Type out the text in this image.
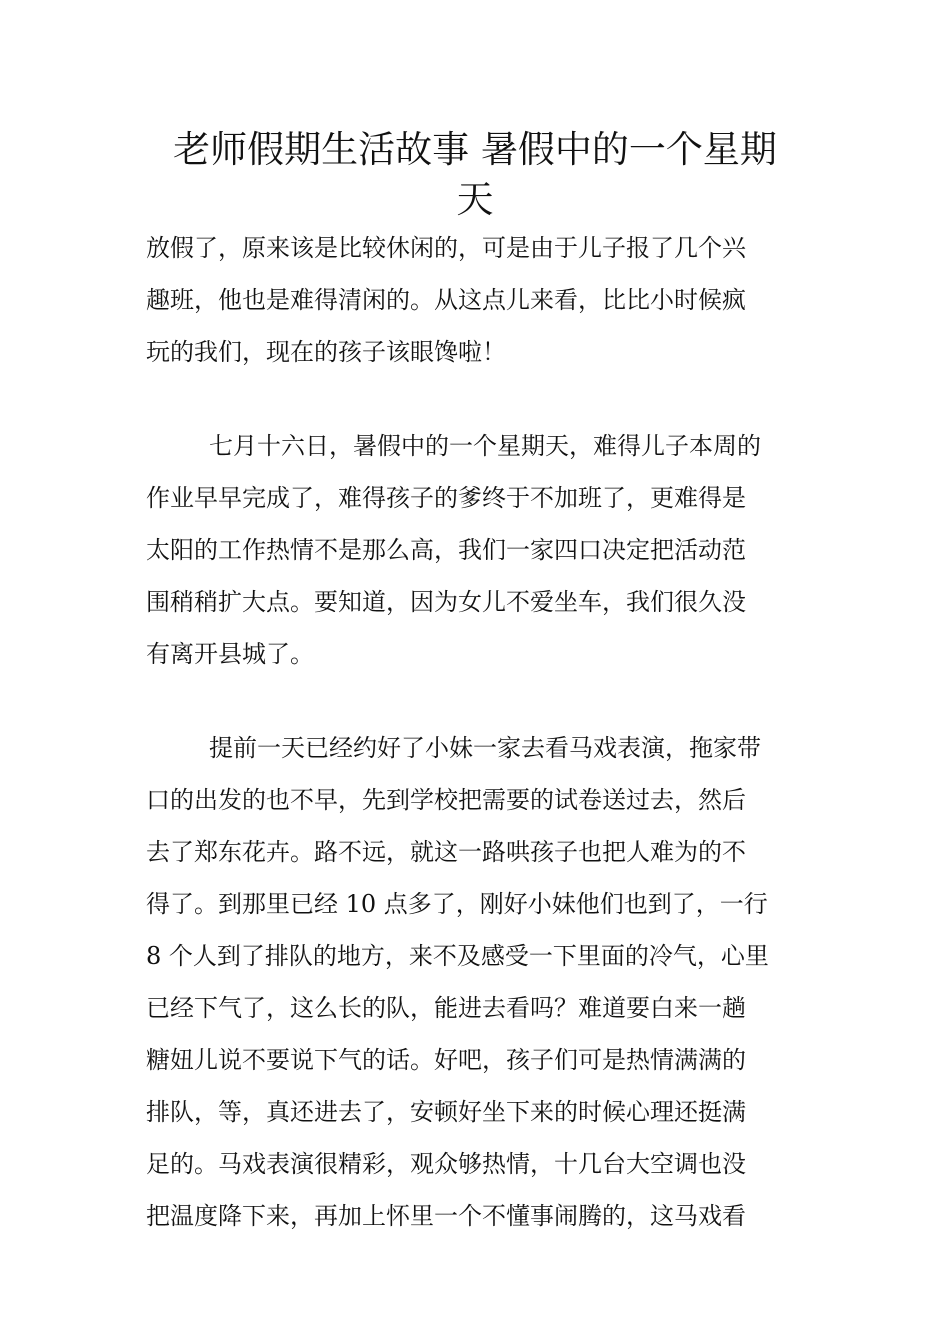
老师假期生活故事 暑假中的一个星期
天
放假了，原来该是比较休闲的，可是由于儿子报了几个兴
趣班，他也是难得清闲的。从这点儿来看，比比小时候疯
玩的我们，现在的孩子该眼馋啦！
七月十六日，暑假中的一个星期天，难得儿子本周的
作业早早完成了，难得孩子的爹终于不加班了，更难得是
太阳的工作热情不是那么高，我们一家四口决定把活动范
围稍稍扩大点。要知道，因为女儿不爱坐车，我们很久没
有离开县城了。
提前一天已经约好了小妹一家去看马戏表演，拖家带
口的出发的也不早，先到学校把需要的试卷送过去，然后
去了郑东花卉。路不远，就这一路哄孩子也把人难为的不
得了。到那里已经 10 点多了，刚好小妹他们也到了，一行
8 个人到了排队的地方，来不及感受一下里面的冷气，心里
已经下气了，这么长的队，能进去看吗？难道要白来一趟
糖妞儿说不要说下气的话。好吧，孩子们可是热情满满的
排队，等，真还进去了，安顿好坐下来的时候心理还挺满
足的。马戏表演很精彩，观众够热情，十几台大空调也没
把温度降下来，再加上怀里一个不懂事闹腾的，这马戏看
